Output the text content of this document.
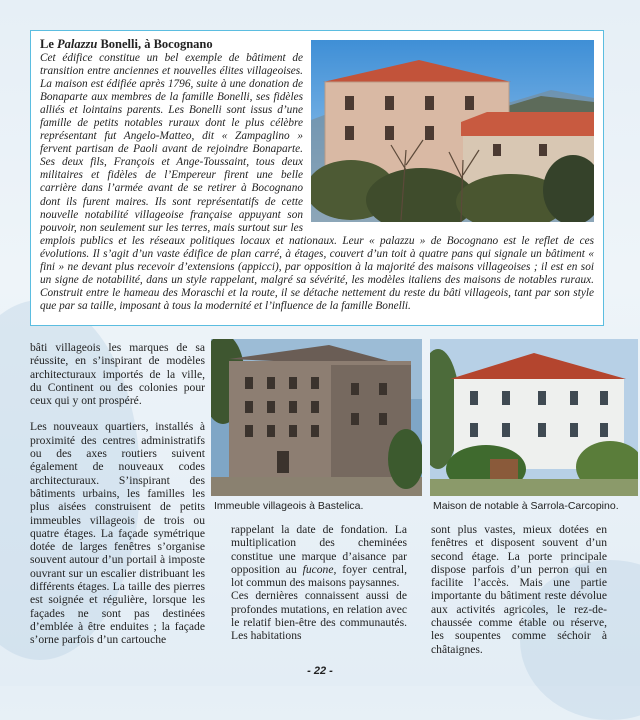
Le Palazzu Bonelli, à Bocognano

Cet édifice constitue un bel exemple de bâtiment de transition entre anciennes et nouvelles élites villageoises. La maison est édifiée après 1796, suite à une donation de Bonaparte aux membres de la famille Bonelli, ses fidèles alliés et lointains parents. Les Bonelli sont issus d’une famille de petits notables ruraux dont le plus célèbre représentant fut Angelo-Matteo, dit « Zampaglino » fervent partisan de Paoli avant de rejoindre Bonaparte. Ses deux fils, François et Ange-Toussaint, tous deux militaires et fidèles de l’Empereur firent une belle carrière dans l’armée avant de se retirer à Bocognano dont ils furent maires. Ils sont représentatifs de cette nouvelle notabilité villageoise française appuyant son pouvoir, non seulement sur les terres, mais surtout sur les emplois publics et les réseaux politiques locaux et nationaux. Leur « palazzu » de Bocognano est le reflet de ces évolutions. Il s’agit d’un vaste édifice de plan carré, à étages, couvert d’un toit à quatre pans qui signale un bâtiment « fini » ne devant plus recevoir d’extensions (appicci), par opposition à la majorité des maisons villageoises ; il est en soi un signe de notabilité, dans un style rappelant, malgré sa sévérité, les modèles italiens des maisons de notables ruraux. Construit entre le hameau des Moraschi et la route, il se détache nettement du reste du bâti villageois, tant par son style que par sa taille, imposant à tous la modernité et l’influence de la famille Bonelli.

bâti villageois les marques de sa réussite, en s’inspirant de modèles architecturaux importés de la ville, du Continent ou des colonies pour ceux qui y ont prospéré.

Les nouveaux quartiers, installés à proximité des centres administratifs ou des axes routiers suivent également de nouveaux codes architecturaux. S’inspirant des bâtiments urbains, les familles les plus aisées construisent de petits immeubles villageois de trois ou quatre étages. La façade symétrique dotée de larges fenêtres s’organise souvent autour d’un portail à imposte ouvrant sur un escalier distribuant les différents étages. La taille des pierres est soignée et régulière, lorsque les façades ne sont pas destinées d’emblée à être enduites ; la façade s’orne parfois d’un cartouche

Immeuble villageois à Bastelica.	Maison de notable à Sarrola-Carcopino.

rappelant la date de fondation. La multiplication des cheminées constitue une marque d’aisance par opposition au fucone, foyer central, lot commun des maisons paysannes.

Ces dernières connaissent aussi de profondes mutations, en relation avec le relatif bien-être des communautés. Les habitations

sont plus vastes, mieux dotées en fenêtres et disposent souvent d’un second étage. La porte principale dispose parfois d’un perron qui en facilite l’accès. Mais une partie importante du bâtiment reste dévolue aux activités agricoles, le rez-de-chaussée comme étable ou réserve, les soupentes comme séchoir à châtaignes.

- 22 -
